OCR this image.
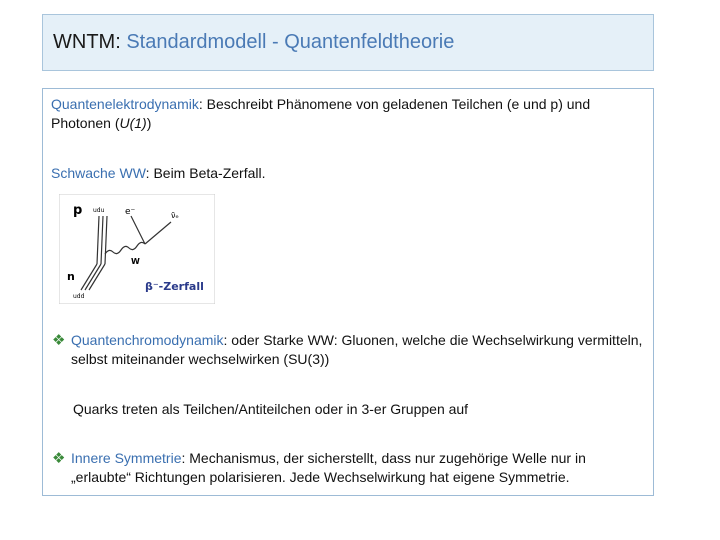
WNTM:
Standardmodell - Quantenfeldtheorie
Quantenelektrodynamik: Beschreibt Phänomene von geladenen Teilchen (e und p) und Photonen (U(1))
Schwache WW: Beim Beta-Zerfall.
p udu e⁻	ν̄ₑ
W
n
udd
β⁻-Zerfall
❖ Quantenchromodynamik: oder Starke WW: Gluonen, welche die Wechselwirkung vermitteln, selbst miteinander wechselwirken (SU(3))
Quarks treten als Teilchen/Antiteilchen oder in 3-er Gruppen auf
❖ Innere Symmetrie: Mechanismus, der sicherstellt, dass nur zugehörige Welle nur in „erlaubte“ Richtungen polarisieren. Jede Wechselwirkung hat eigene Symmetrie.
